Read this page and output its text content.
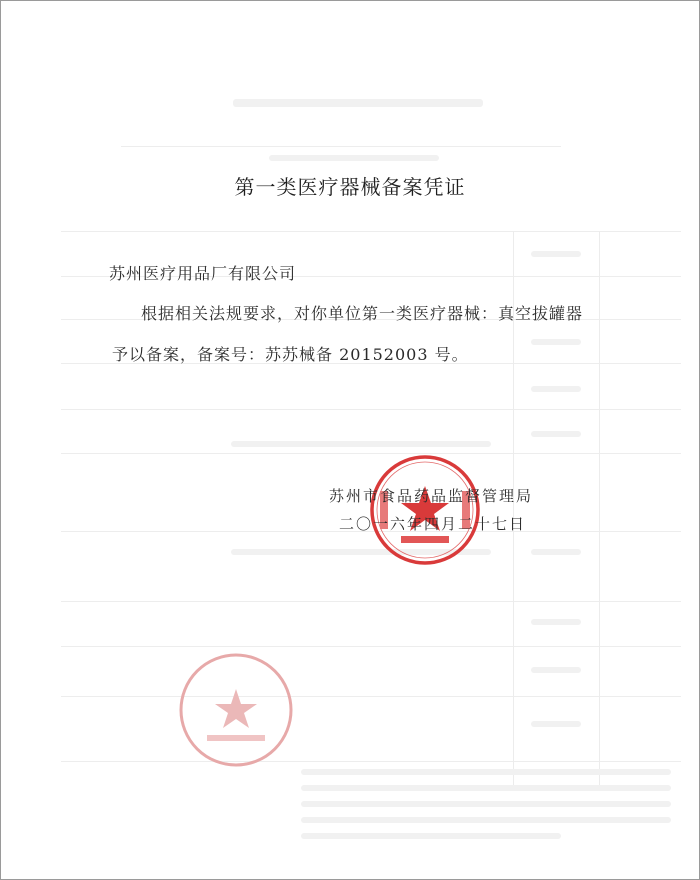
第一类医疗器械备案凭证
苏州医疗用品厂有限公司
根据相关法规要求，对你单位第一类医疗器械：真空拔罐器
予以备案，备案号：苏苏械备 20152003 号。
苏州市食品药品监督管理局
二〇一六年四月二十七日
